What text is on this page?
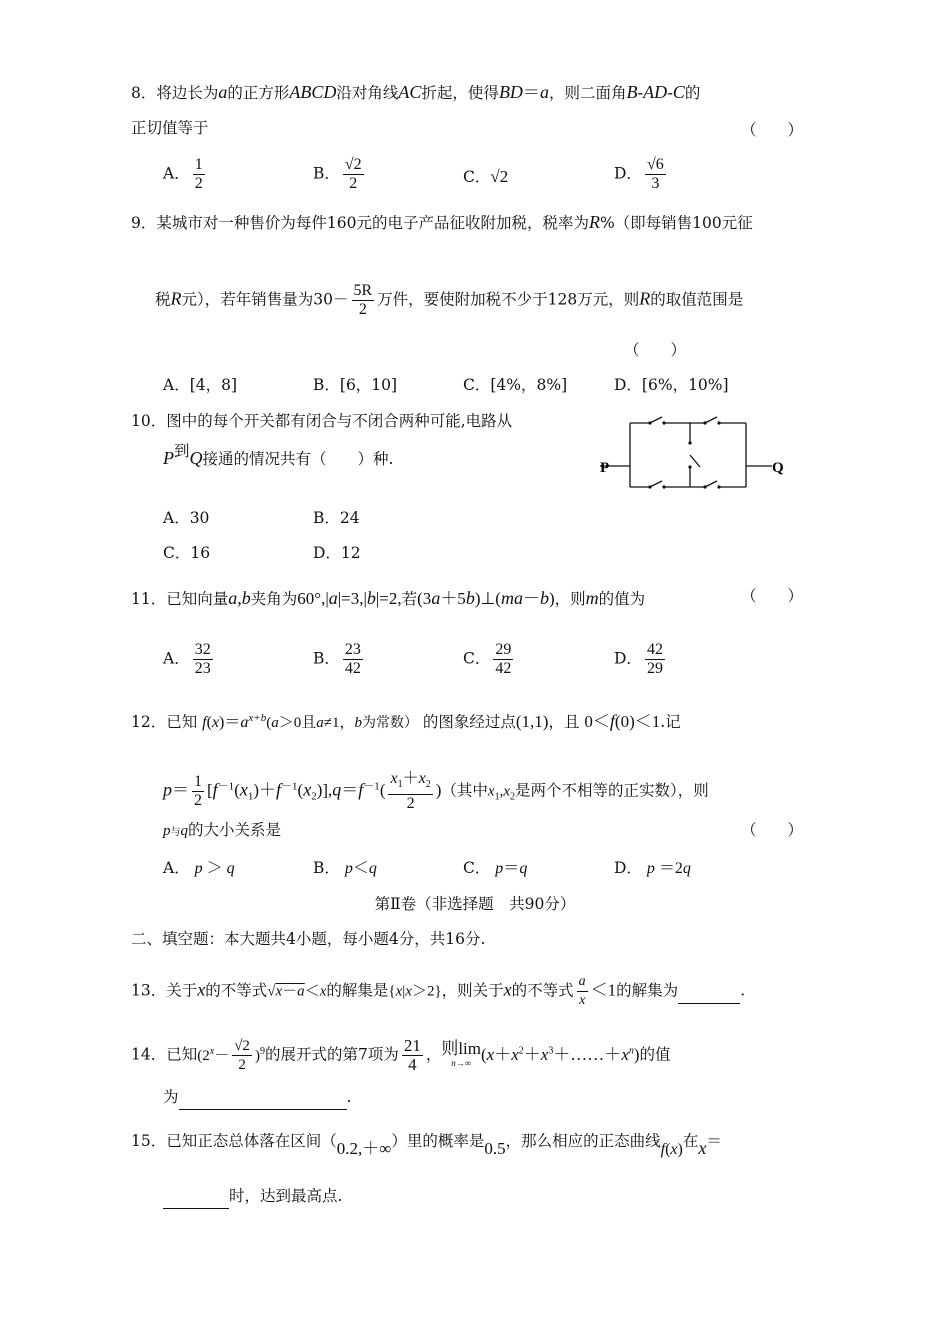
8．将边长为a的正方形ABCD沿对角线AC折起，使得BD＝a，则二面角B-AD-C的
正切值等于	（　　）
A． $\frac{1}{2}$	B． $\frac{√2}{2}$	C．√2	D． $\frac{√6}{3}$
9．某城市对一种售价为每件160元的电子产品征收附加税，税率为R%（即每销售100元征
税R元），若年销售量为$30- \frac{5R}{2}$ 万件，要使附加税不少于128万元，则R的取值范围是
（　　）
A．[4，8]	B．[6，10]	C．[4%，8%]	D．[6%，10%]
10．图中的每个开关都有闭合与不闭合两种可能,电路从
P到Q接通的情况共有（　　）种.	P	Q
A．30	B．24
C．16	D．12
11．已知向量a,b夹角为60°,|a|=3,|b|=2,若(3a＋5b)⊥(ma－b)，则m的值为	（　　）
A． $\frac{32}{23}$	B． $\frac{23}{42}$	C． $\frac{29}{42}$	D． $\frac{42}{29}$
12．已知 $f(x)=a^{x+b}(a>0$且a≠1，b为常数） 的图象经过点(1,1)，且 0＜f(0)＜1.记
$p= \frac{1}{2} [f^{-1}(x_1)+f^{-1}(x_2)],q=f^{-1}( \frac{x_1+x_2}{2}$ )（其中$x_1,x_2$是两个不相等的正实数），则
p与q的大小关系是	（　　）
A． p ＞ q	B． p＜q	C． p＝q	D． p ＝2q
第Ⅱ卷（非选择题　共90分）
二、填空题：本大题共4小题，每小题4分，共16分.
13．关于x的不等式√x－a＜x的解集是{x|x＞2}，则关于x的不等式 $\frac{a}{x} <1$的解集为	.
14．已知$(2^x- \frac{√2}{2} )^9$的展开式的第7项为 $\frac{21}{4}$ ， 则lim
n→∞ $(x+x^2+x^3+\dots\dots+x^n)$的值
为	.
15．已知正态总体落在区间（0.2,＋∞）里的概率是0.5，那么相应的正态曲线f(x)在x＝
时，达到最高点.
